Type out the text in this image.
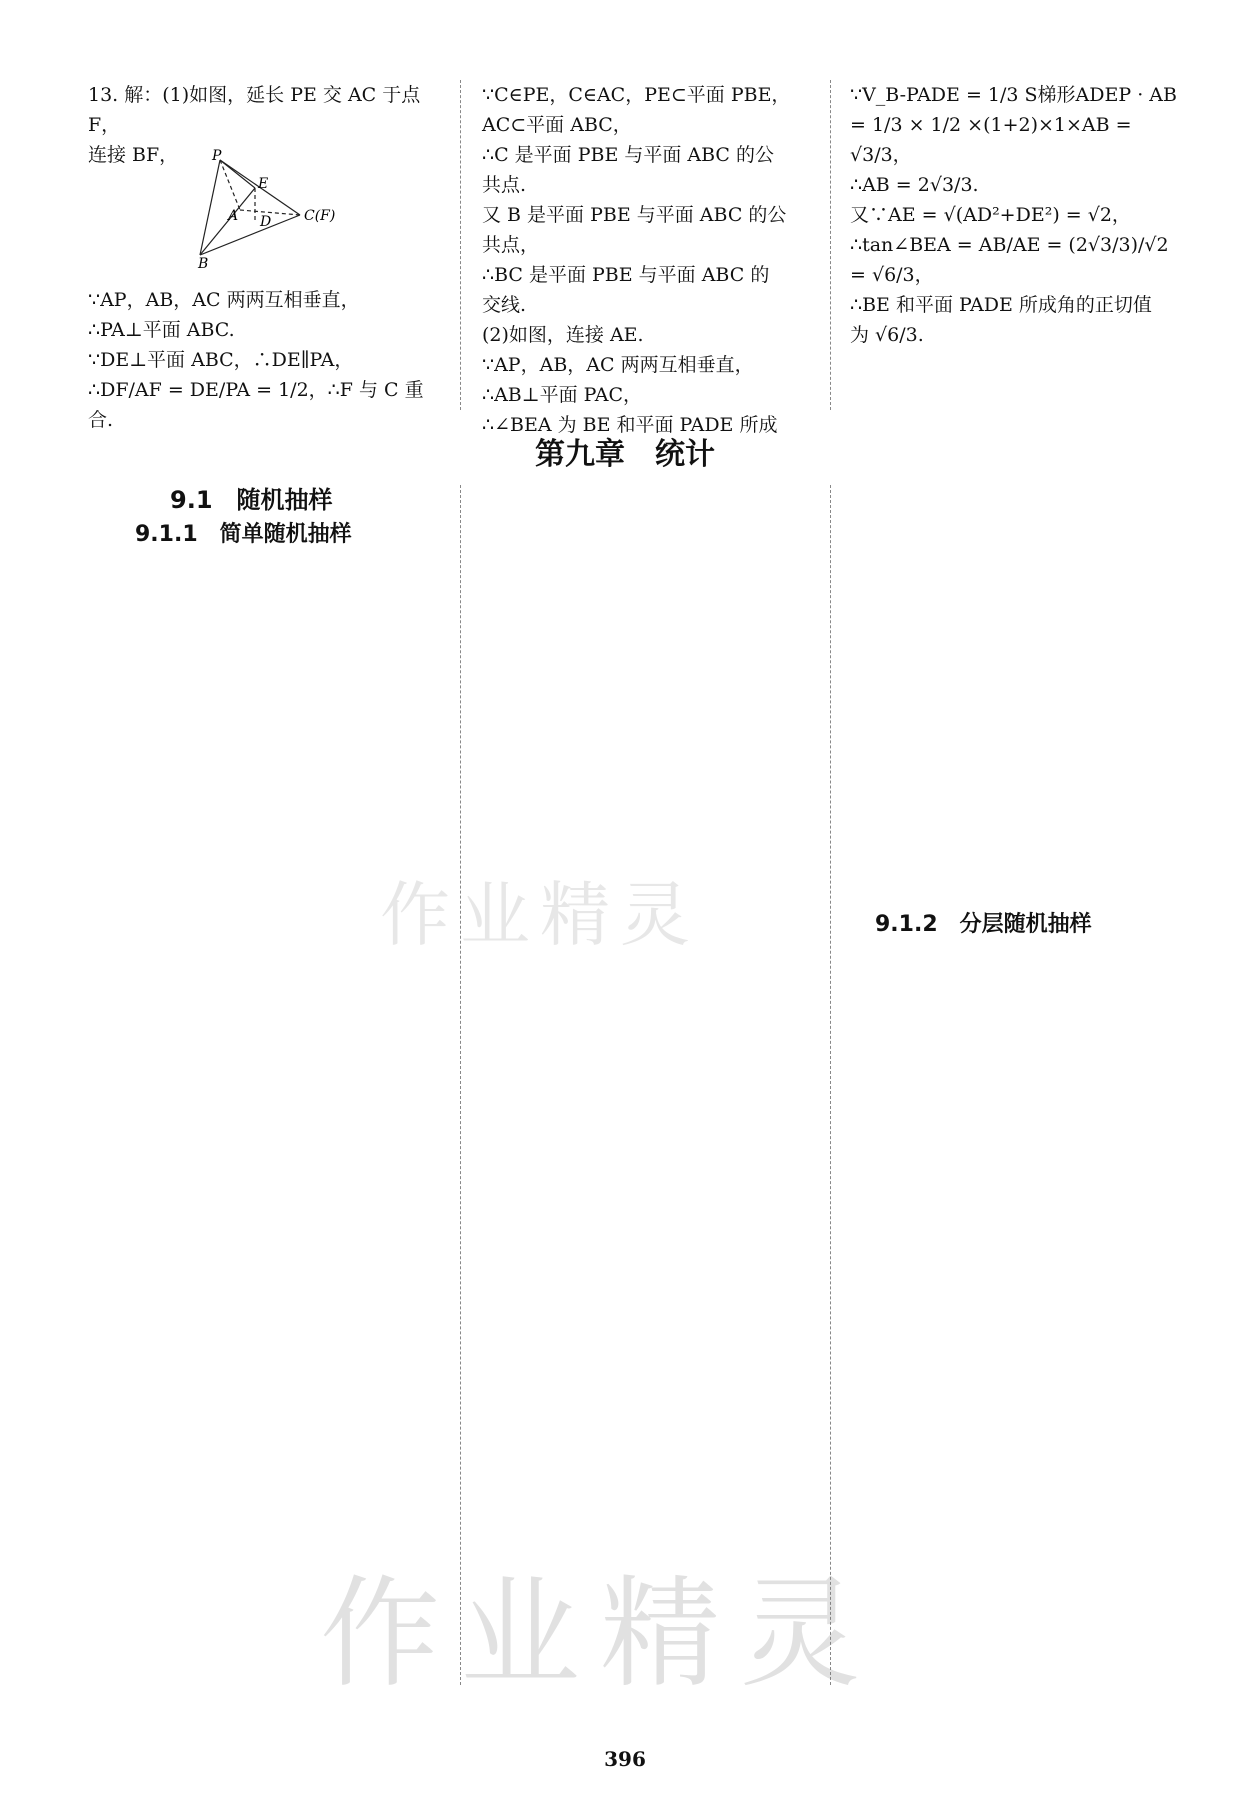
13. 解：(1)如图，延长 PE 交 AC 于点 F，

连接 BF，	P
E
A D C(F)
B

∵AP，AB，AC 两两互相垂直，

∴PA⊥平面 ABC.

∵DE⊥平面 ABC，∴DE∥PA，

∴DF/AF = DE/PA = 1/2，∴F 与 C 重合.

∵C∈PE，C∈AC，PE⊂平面 PBE，

AC⊂平面 ABC，

∴C 是平面 PBE 与平面 ABC 的公

共点.

又 B 是平面 PBE 与平面 ABC 的公

共点，

∴BC 是平面 PBE 与平面 ABC 的

交线.

(2)如图，连接 AE.

∵AP，AB，AC 两两互相垂直，

∴AB⊥平面 PAC，

∴∠BEA 为 BE 和平面 PADE 所成

∵V_B-PADE = 1/3 S梯形ADEP · AB

= 1/3 × 1/2 ×(1+2)×1×AB = √3/3，

∴AB = 2√3/3.

又∵AE = √(AD²+DE²) = √2，

∴tan∠BEA = AB/AE = (2√3/3)/√2 = √6/3，

∴BE 和平面 PADE 所成角的正切值

为 √6/3.

第九章　统计
9.1　随机抽样
9.1.1　简单随机抽样
9.1.2　分层随机抽样
作业精灵
作业精灵
396
